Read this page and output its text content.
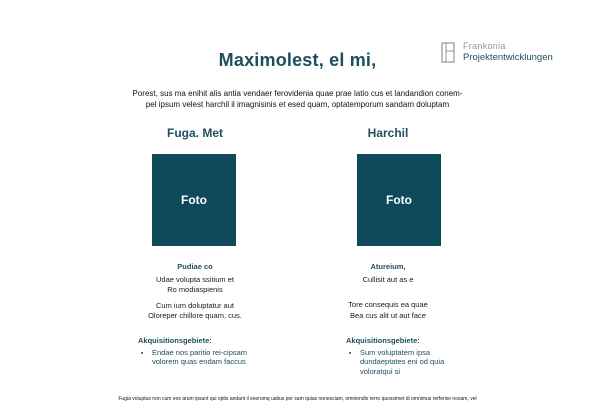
Maximolest, el mi,
Frankonia
Projektentwicklungen
Porest, sus ma enihit alis antia vendaer ferovidenia quae prae latio cus et landandion conem-
pel ipsum velest harchil il imagnisinis et esed quam, optatemporum sandam doluptam
Fuga. Met
Foto
Pudiae co
Udae volupta ssitium et
Ro modiaspienis
Cum ium doluptatur aut
Oloreper chillore quam, cus.
Akquisitionsgebiete:
• Endae nos paritio rei-cipsam volorem quas endam faccus
Harchil
Foto
Atureium,
Cullisit aut as e
Tore consequis ea quae
Bea cus alit ut aut face
Akquisitionsgebiete:
• Sum voluptatem ipsa dundaeptates eni od quia voloratqui si
Fugia voluptus non cum eos arum ipsunt qui optis andant il exerumq uatius por sam quias nonesciam, omniendis rerro quossimet di omnimus rerferise nosam, vel
